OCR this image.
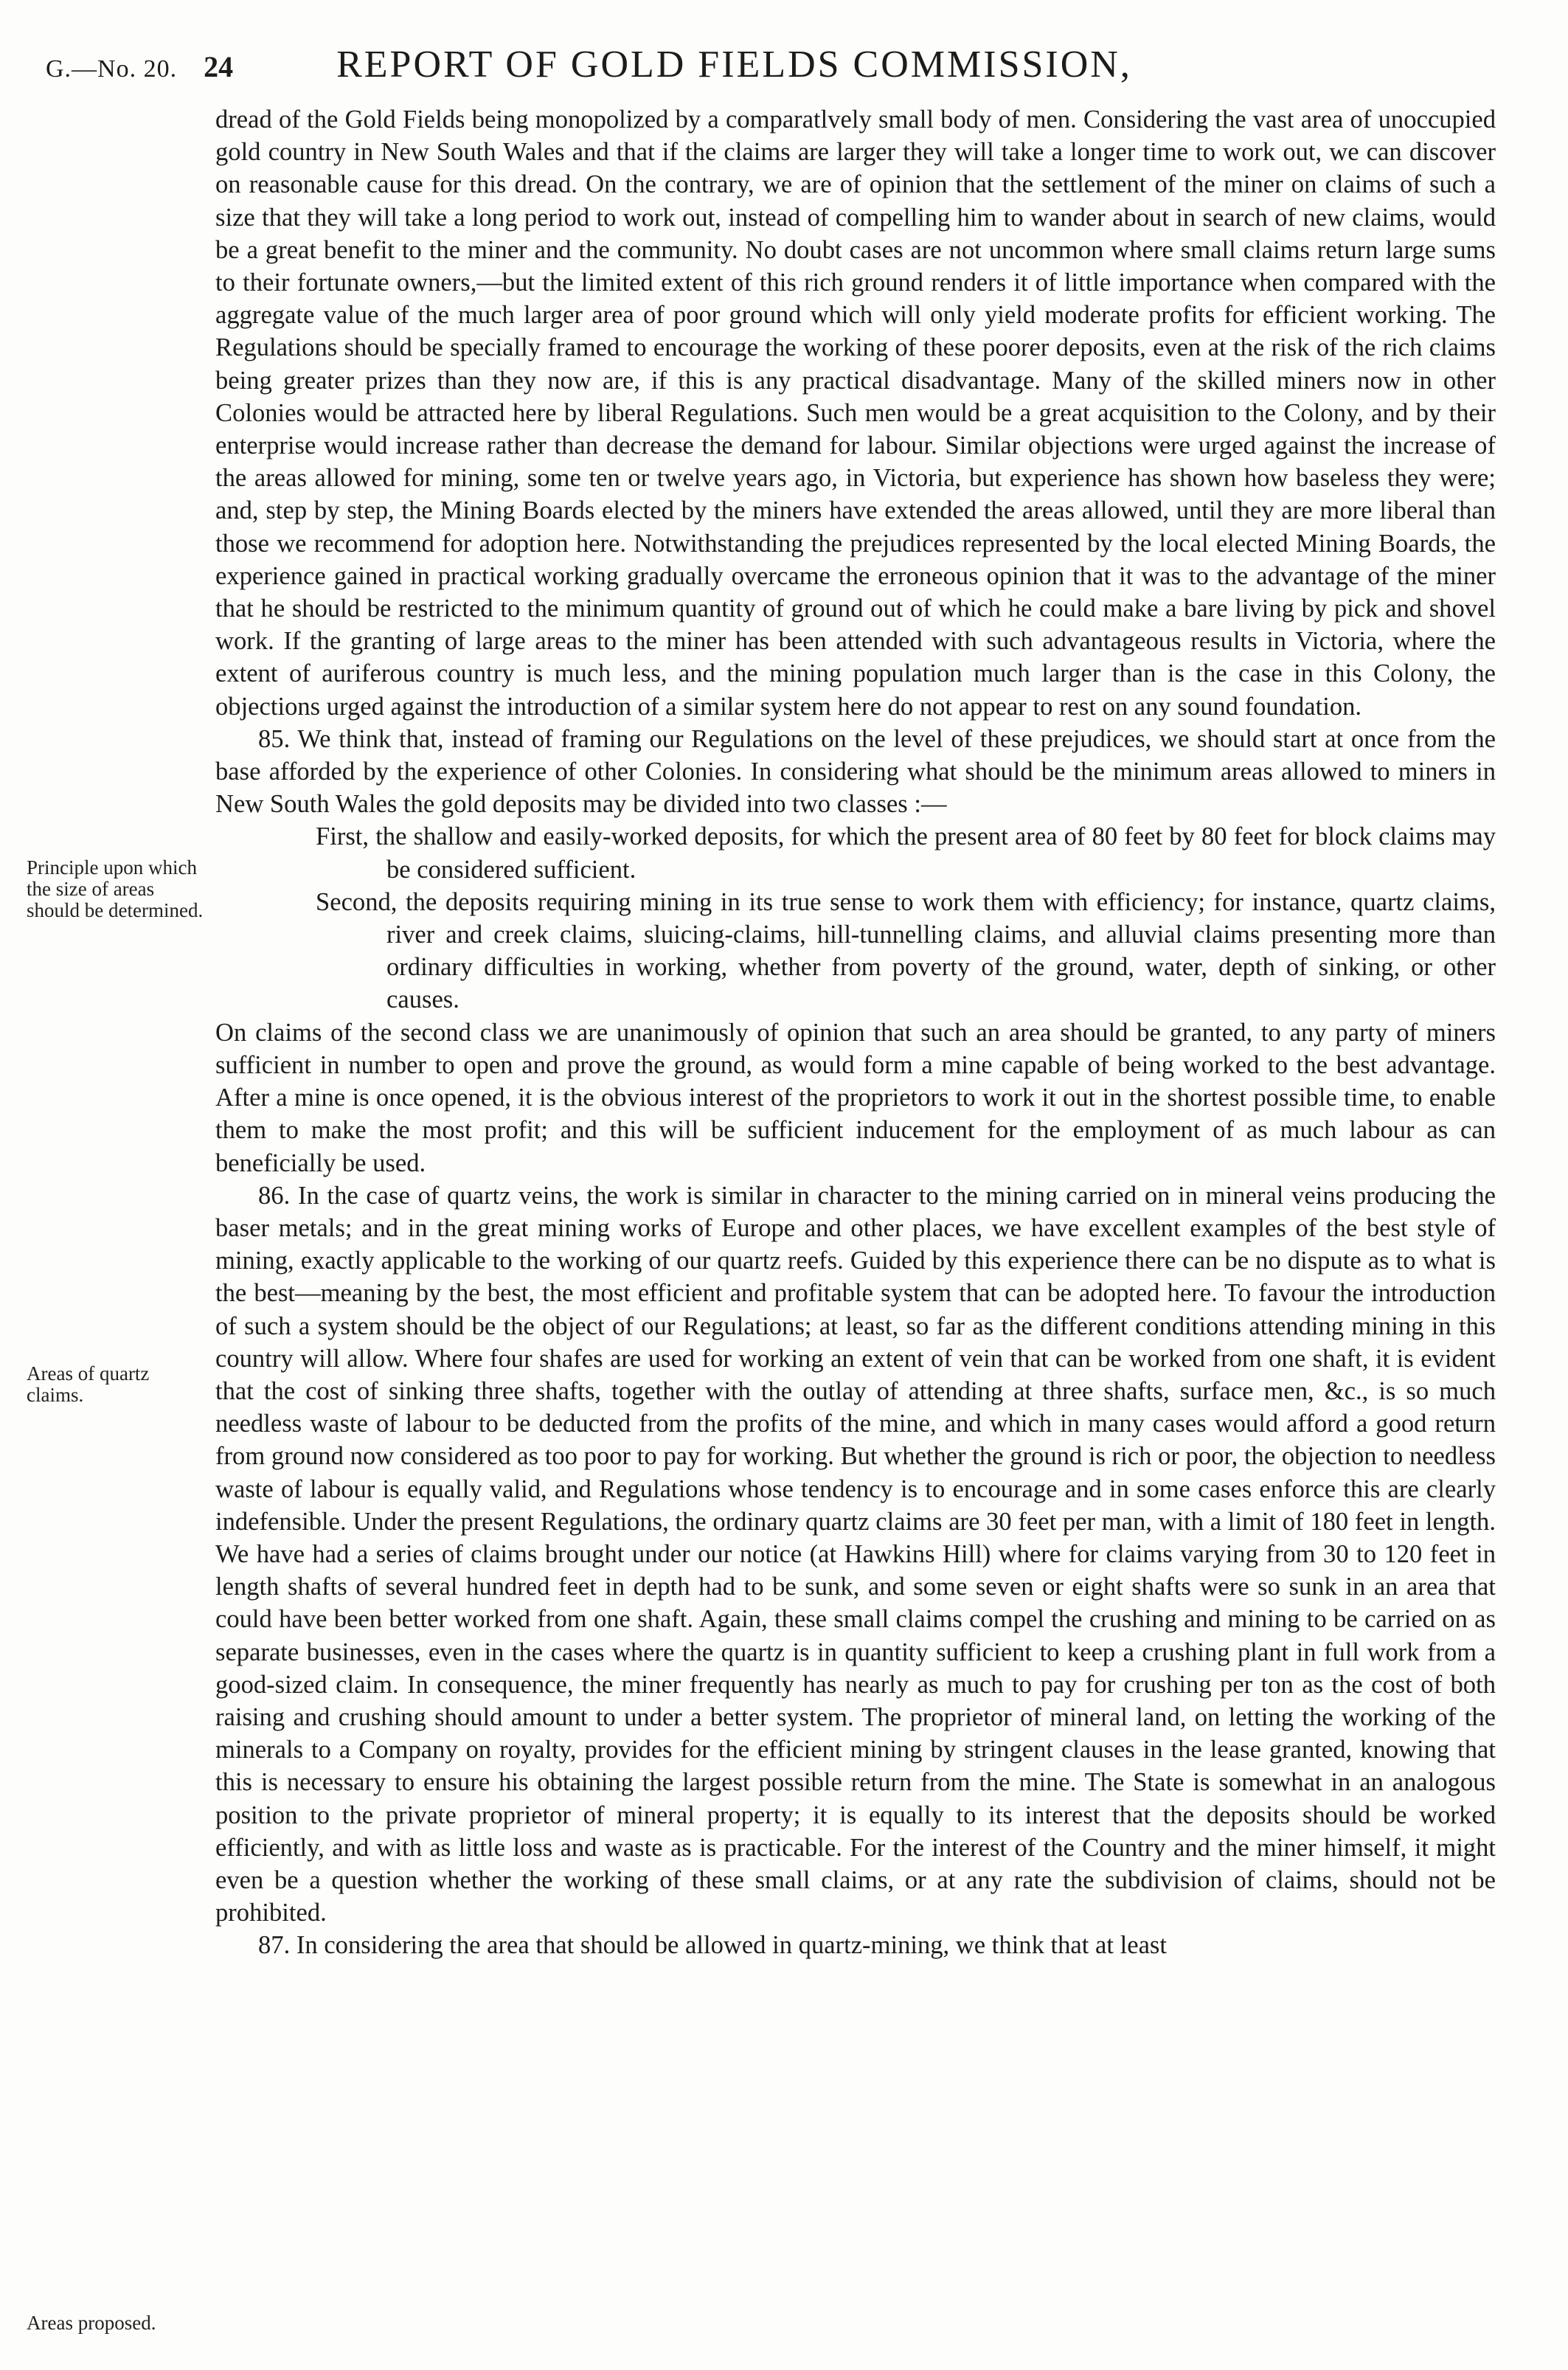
G.—No. 20. 24	REPORT OF GOLD FIELDS COMMISSION,
Principle upon which the size of areas should be determined.
Areas of quartz claims.
Areas proposed.

dread of the Gold Fields being monopolized by a comparatlvely small body of men. Considering the vast area of unoccupied gold country in New South Wales and that if the claims are larger they will take a longer time to work out, we can discover on reasonable cause for this dread. On the contrary, we are of opinion that the settlement of the miner on claims of such a size that they will take a long period to work out, instead of compelling him to wander about in search of new claims, would be a great benefit to the miner and the community. No doubt cases are not uncommon where small claims return large sums to their fortunate owners,—but the limited extent of this rich ground renders it of little importance when compared with the aggregate value of the much larger area of poor ground which will only yield moderate profits for efficient working. The Regulations should be specially framed to encourage the working of these poorer deposits, even at the risk of the rich claims being greater prizes than they now are, if this is any practical disadvantage. Many of the skilled miners now in other Colonies would be attracted here by liberal Regulations. Such men would be a great acquisition to the Colony, and by their enterprise would increase rather than decrease the demand for labour. Similar objections were urged against the increase of the areas allowed for mining, some ten or twelve years ago, in Victoria, but experience has shown how baseless they were; and, step by step, the Mining Boards elected by the miners have extended the areas allowed, until they are more liberal than those we recommend for adoption here. Notwithstanding the prejudices represented by the local elected Mining Boards, the experience gained in practical working gradually overcame the erroneous opinion that it was to the advantage of the miner that he should be restricted to the minimum quantity of ground out of which he could make a bare living by pick and shovel work. If the granting of large areas to the miner has been attended with such advantageous results in Victoria, where the extent of auriferous country is much less, and the mining population much larger than is the case in this Colony, the objections urged against the introduction of a similar system here do not appear to rest on any sound foundation.

85. We think that, instead of framing our Regulations on the level of these prejudices, we should start at once from the base afforded by the experience of other Colonies. In considering what should be the minimum areas allowed to miners in New South Wales the gold deposits may be divided into two classes :—

First, the shallow and easily-worked deposits, for which the present area of 80 feet by 80 feet for block claims may be considered sufficient.

Second, the deposits requiring mining in its true sense to work them with efficiency; for instance, quartz claims, river and creek claims, sluicing-claims, hill-tunnelling claims, and alluvial claims presenting more than ordinary difficulties in working, whether from poverty of the ground, water, depth of sinking, or other causes.

On claims of the second class we are unanimously of opinion that such an area should be granted, to any party of miners sufficient in number to open and prove the ground, as would form a mine capable of being worked to the best advantage. After a mine is once opened, it is the obvious interest of the proprietors to work it out in the shortest possible time, to enable them to make the most profit; and this will be sufficient inducement for the employment of as much labour as can beneficially be used.

86. In the case of quartz veins, the work is similar in character to the mining carried on in mineral veins producing the baser metals; and in the great mining works of Europe and other places, we have excellent examples of the best style of mining, exactly applicable to the working of our quartz reefs. Guided by this experience there can be no dispute as to what is the best—meaning by the best, the most efficient and profitable system that can be adopted here. To favour the introduction of such a system should be the object of our Regulations; at least, so far as the different conditions attending mining in this country will allow. Where four shafes are used for working an extent of vein that can be worked from one shaft, it is evident that the cost of sinking three shafts, together with the outlay of attending at three shafts, surface men, &c., is so much needless waste of labour to be deducted from the profits of the mine, and which in many cases would afford a good return from ground now considered as too poor to pay for working. But whether the ground is rich or poor, the objection to needless waste of labour is equally valid, and Regulations whose tendency is to encourage and in some cases enforce this are clearly indefensible. Under the present Regulations, the ordinary quartz claims are 30 feet per man, with a limit of 180 feet in length. We have had a series of claims brought under our notice (at Hawkins Hill) where for claims varying from 30 to 120 feet in length shafts of several hundred feet in depth had to be sunk, and some seven or eight shafts were so sunk in an area that could have been better worked from one shaft. Again, these small claims compel the crushing and mining to be carried on as separate businesses, even in the cases where the quartz is in quantity sufficient to keep a crushing plant in full work from a good-sized claim. In consequence, the miner frequently has nearly as much to pay for crushing per ton as the cost of both raising and crushing should amount to under a better system. The proprietor of mineral land, on letting the working of the minerals to a Company on royalty, provides for the efficient mining by stringent clauses in the lease granted, knowing that this is necessary to ensure his obtaining the largest possible return from the mine. The State is somewhat in an analogous position to the private proprietor of mineral property; it is equally to its interest that the deposits should be worked efficiently, and with as little loss and waste as is practicable. For the interest of the Country and the miner himself, it might even be a question whether the working of these small claims, or at any rate the subdivision of claims, should not be prohibited.

87. In considering the area that should be allowed in quartz-mining, we think that at least
